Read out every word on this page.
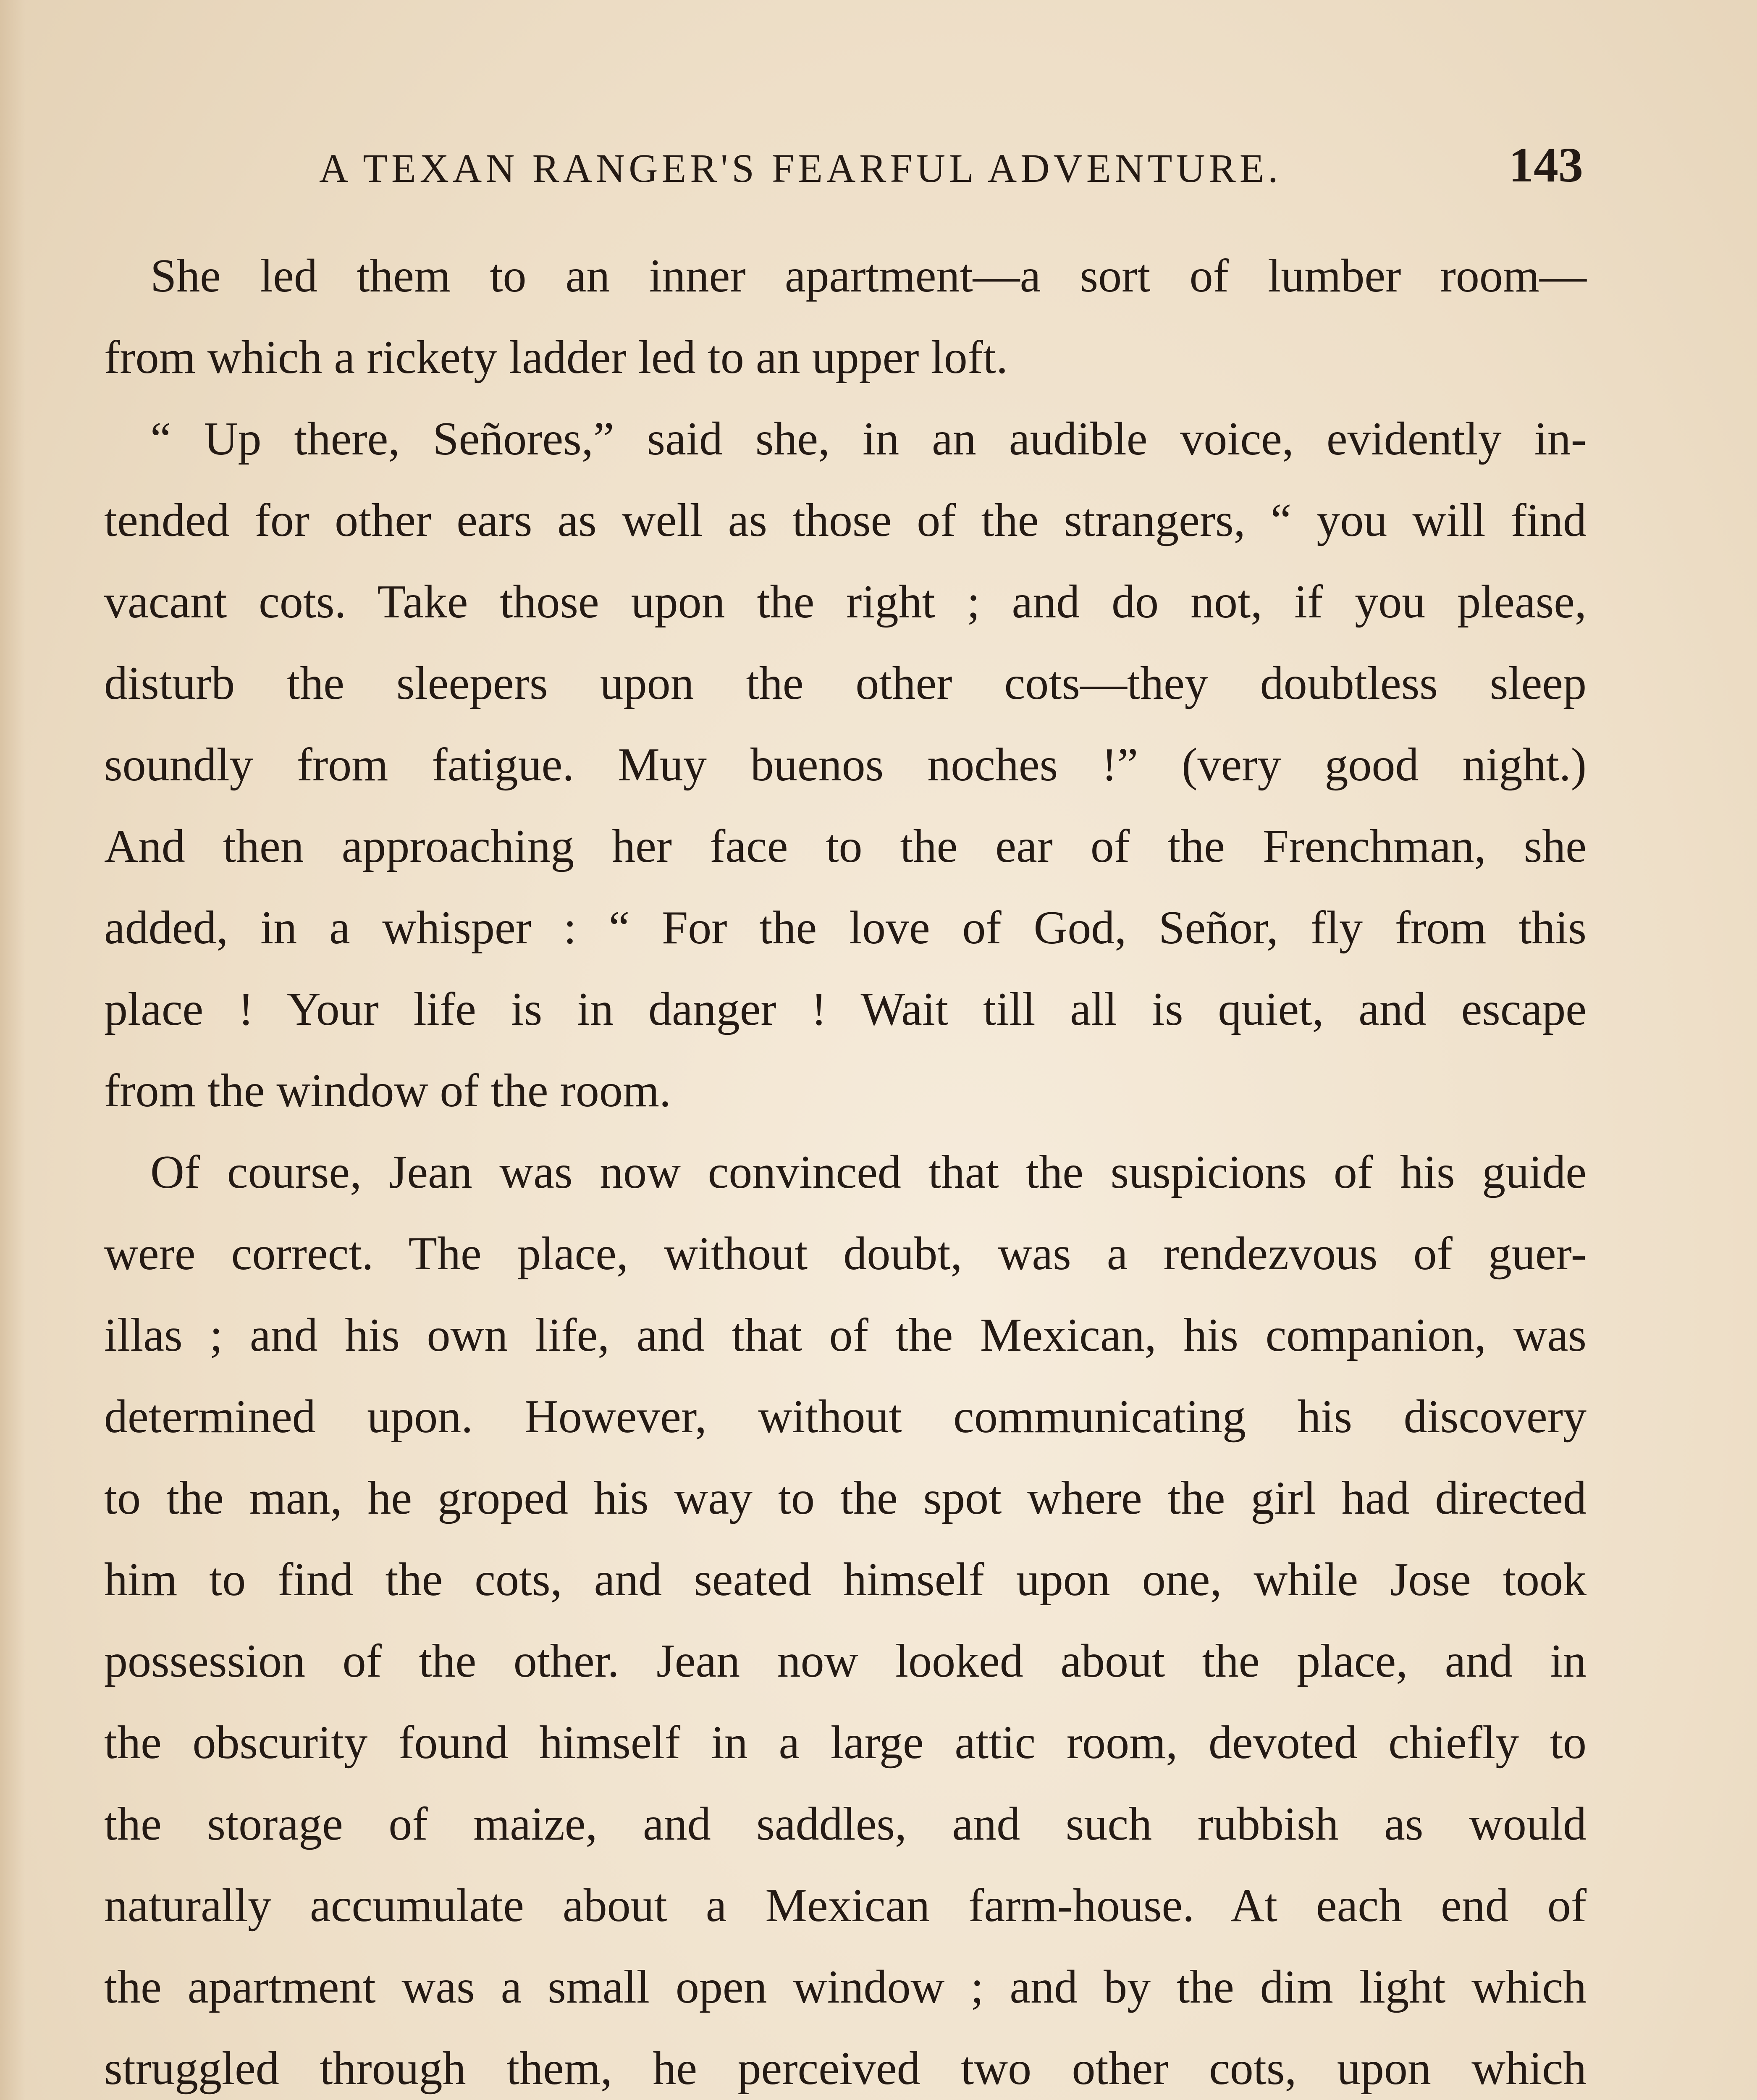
A TEXAN RANGER'S FEARFUL ADVENTURE.	143
She led them to an inner apartment—a sort of lumber room—
from which a rickety ladder led to an upper loft.
“ Up there, Señores,” said she, in an audible voice, evidently in-
tended for other ears as well as those of the strangers, “ you will find
vacant cots. Take those upon the right ; and do not, if you please,
disturb the sleepers upon the other cots—they doubtless sleep
soundly from fatigue. Muy buenos noches !” (very good night.)
And then approaching her face to the ear of the Frenchman, she
added, in a whisper : “ For the love of God, Señor, fly from this
place ! Your life is in danger ! Wait till all is quiet, and escape
from the window of the room.
Of course, Jean was now convinced that the suspicions of his guide
were correct. The place, without doubt, was a rendezvous of guer-
illas ; and his own life, and that of the Mexican, his companion, was
determined upon. However, without communicating his discovery
to the man, he groped his way to the spot where the girl had directed
him to find the cots, and seated himself upon one, while Jose took
possession of the other. Jean now looked about the place, and in
the obscurity found himself in a large attic room, devoted chiefly to
the storage of maize, and saddles, and such rubbish as would
naturally accumulate about a Mexican farm-house. At each end of
the apartment was a small open window ; and by the dim light which
struggled through them, he perceived two other cots, upon which
